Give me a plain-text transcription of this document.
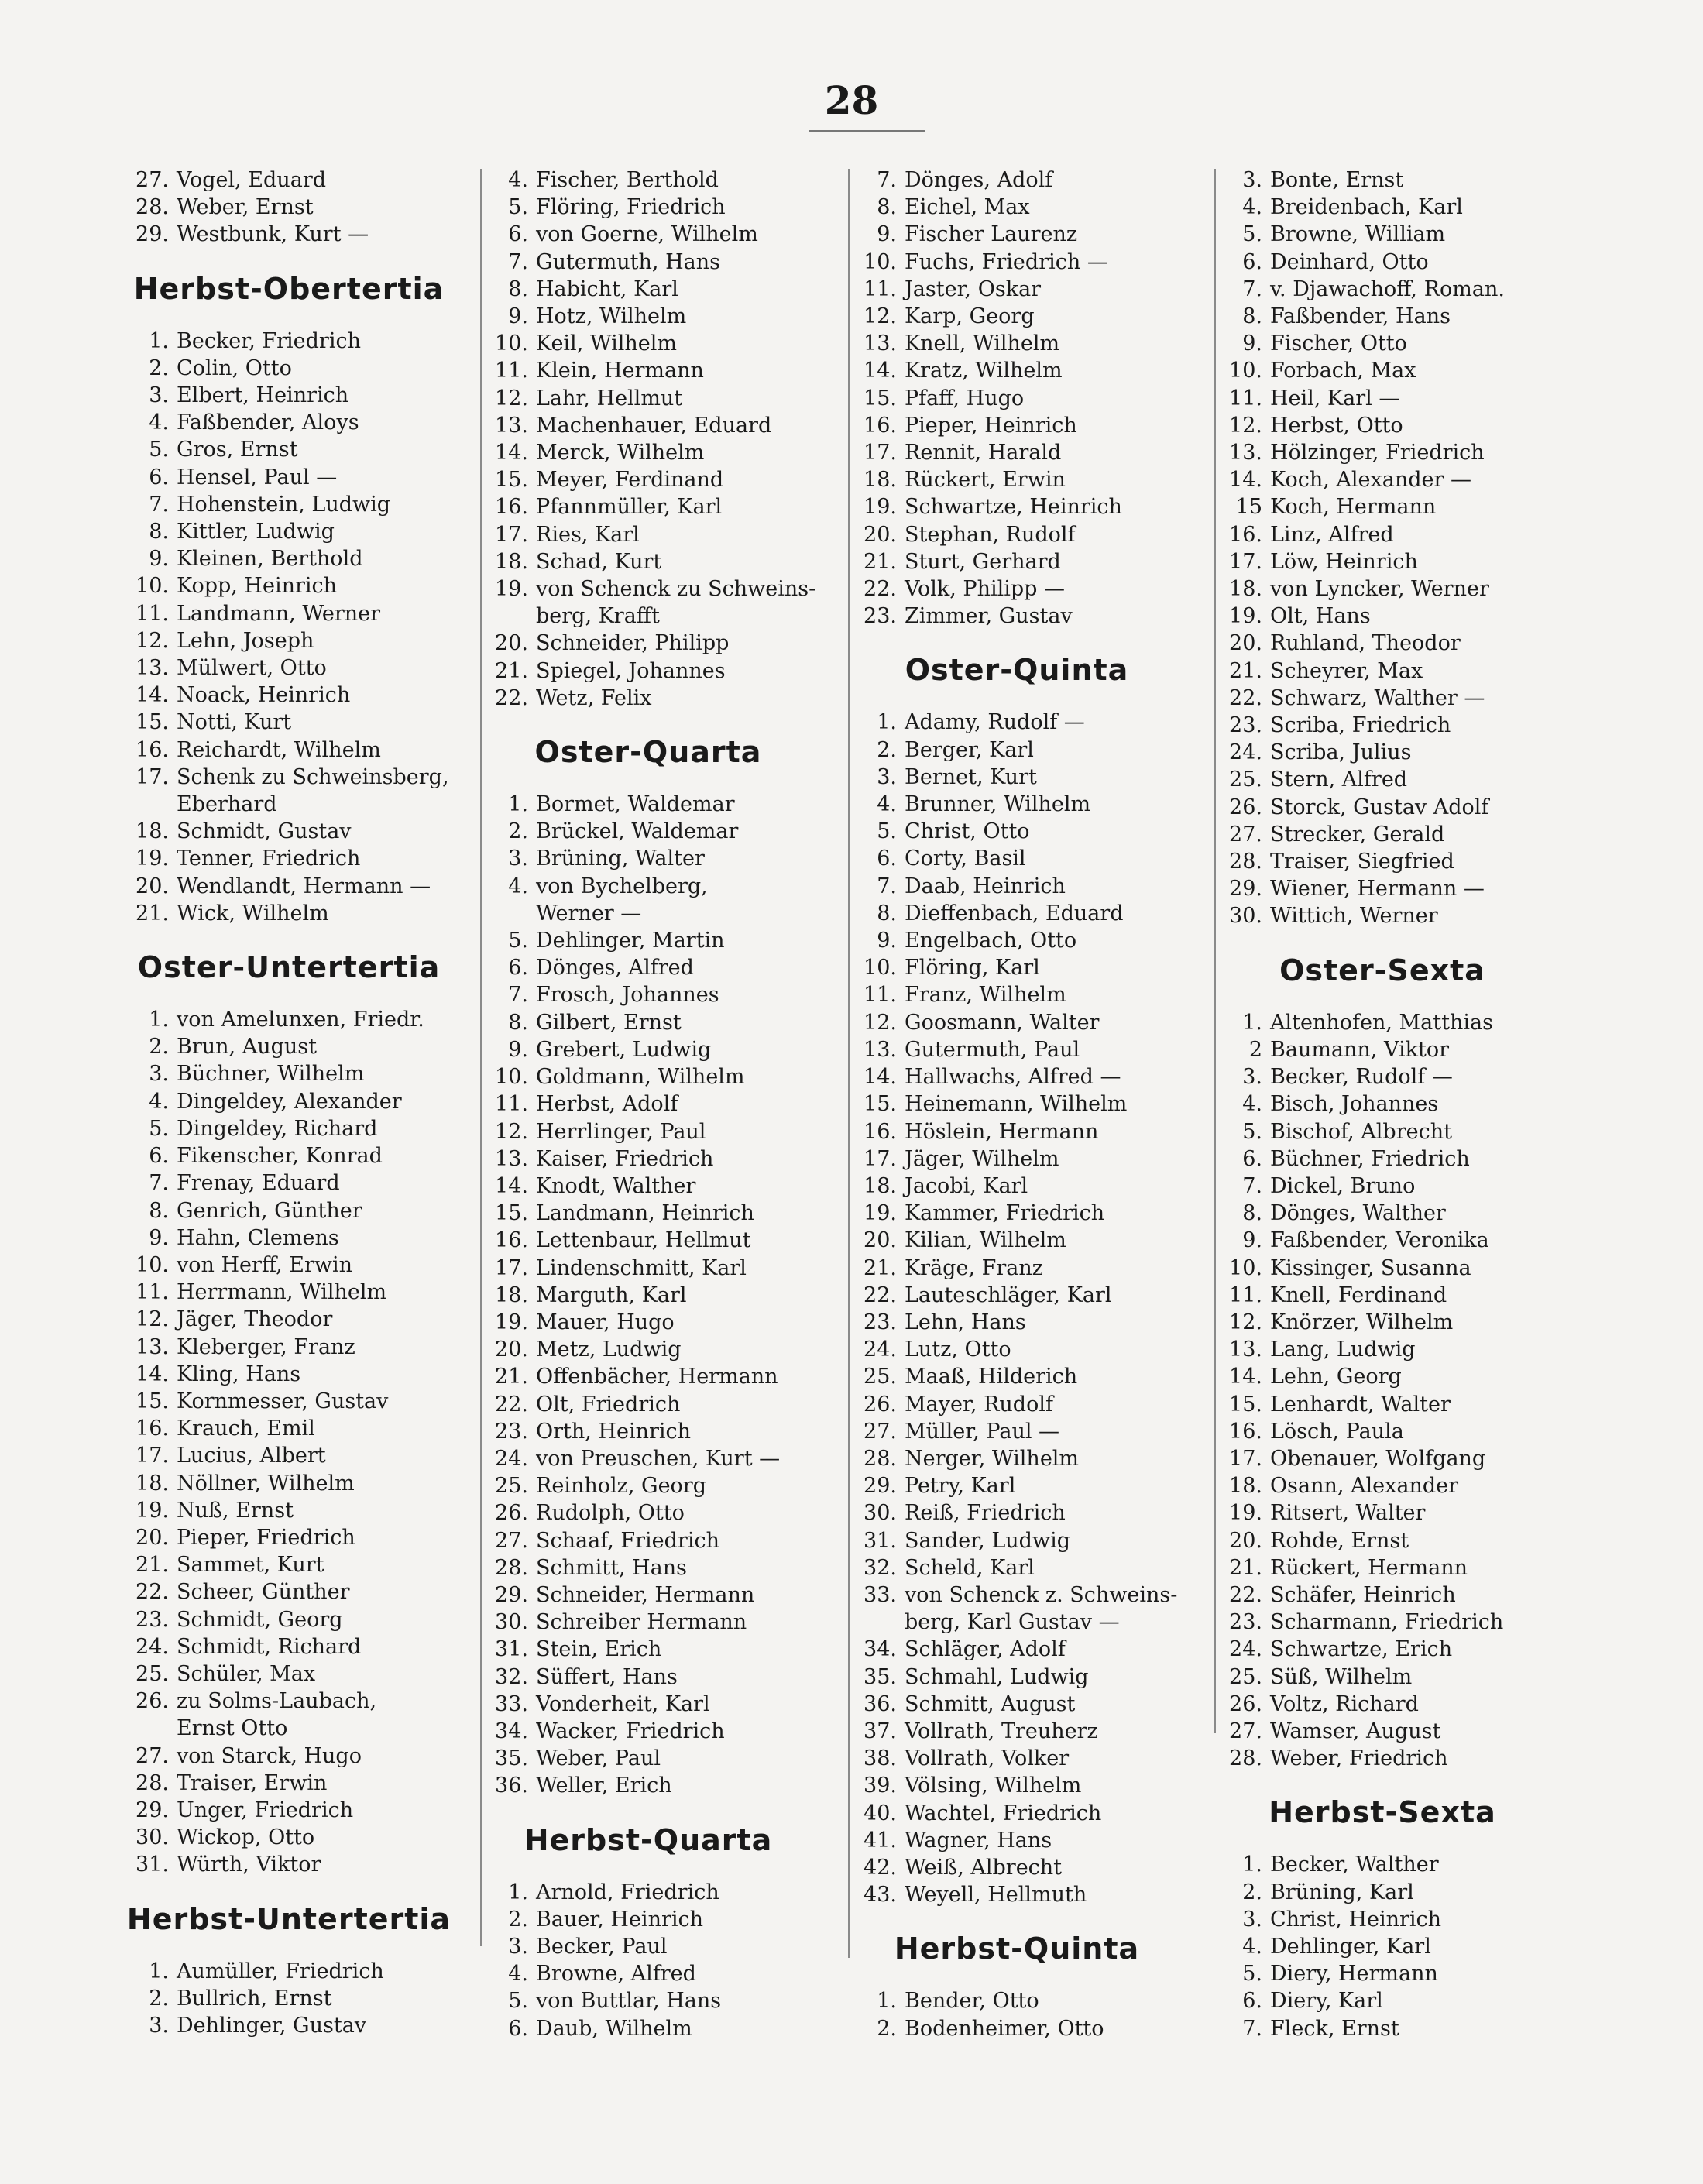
28
27. Vogel, Eduard
28. Weber, Ernst
29. Westbunk, Kurt —
Herbst-Obertertia
1. Becker, Friedrich
2. Colin, Otto
3. Elbert, Heinrich
4. Faßbender, Aloys
5. Gros, Ernst
6. Hensel, Paul —
7. Hohenstein, Ludwig
8. Kittler, Ludwig
9. Kleinen, Berthold
10. Kopp, Heinrich
11. Landmann, Werner
12. Lehn, Joseph
13. Mülwert, Otto
14. Noack, Heinrich
15. Notti, Kurt
16. Reichardt, Wilhelm
17. Schenk zu Schweinsberg,
Eberhard
18. Schmidt, Gustav
19. Tenner, Friedrich
20. Wendlandt, Hermann —
21. Wick, Wilhelm
Oster-Untertertia
1. von Amelunxen, Friedr.
2. Brun, August
3. Büchner, Wilhelm
4. Dingeldey, Alexander
5. Dingeldey, Richard
6. Fikenscher, Konrad
7. Frenay, Eduard
8. Genrich, Günther
9. Hahn, Clemens
10. von Herff, Erwin
11. Herrmann, Wilhelm
12. Jäger, Theodor
13. Kleberger, Franz
14. Kling, Hans
15. Kornmesser, Gustav
16. Krauch, Emil
17. Lucius, Albert
18. Nöllner, Wilhelm
19. Nuß, Ernst
20. Pieper, Friedrich
21. Sammet, Kurt
22. Scheer, Günther
23. Schmidt, Georg
24. Schmidt, Richard
25. Schüler, Max
26. zu Solms-Laubach,
Ernst Otto
27. von Starck, Hugo
28. Traiser, Erwin
29. Unger, Friedrich
30. Wickop, Otto
31. Würth, Viktor
Herbst-Untertertia
1. Aumüller, Friedrich
2. Bullrich, Ernst
3. Dehlinger, Gustav
4. Fischer, Berthold
5. Flöring, Friedrich
6. von Goerne, Wilhelm
7. Gutermuth, Hans
8. Habicht, Karl
9. Hotz, Wilhelm
10. Keil, Wilhelm
11. Klein, Hermann
12. Lahr, Hellmut
13. Machenhauer, Eduard
14. Merck, Wilhelm
15. Meyer, Ferdinand
16. Pfannmüller, Karl
17. Ries, Karl
18. Schad, Kurt
19. von Schenck zu Schweins-
berg, Krafft
20. Schneider, Philipp
21. Spiegel, Johannes
22. Wetz, Felix
Oster-Quarta
1. Bormet, Waldemar
2. Brückel, Waldemar
3. Brüning, Walter
4. von Bychelberg,
Werner —
5. Dehlinger, Martin
6. Dönges, Alfred
7. Frosch, Johannes
8. Gilbert, Ernst
9. Grebert, Ludwig
10. Goldmann, Wilhelm
11. Herbst, Adolf
12. Herrlinger, Paul
13. Kaiser, Friedrich
14. Knodt, Walther
15. Landmann, Heinrich
16. Lettenbaur, Hellmut
17. Lindenschmitt, Karl
18. Marguth, Karl
19. Mauer, Hugo
20. Metz, Ludwig
21. Offenbächer, Hermann
22. Olt, Friedrich
23. Orth, Heinrich
24. von Preuschen, Kurt —
25. Reinholz, Georg
26. Rudolph, Otto
27. Schaaf, Friedrich
28. Schmitt, Hans
29. Schneider, Hermann
30. Schreiber Hermann
31. Stein, Erich
32. Süffert, Hans
33. Vonderheit, Karl
34. Wacker, Friedrich
35. Weber, Paul
36. Weller, Erich
Herbst-Quarta
1. Arnold, Friedrich
2. Bauer, Heinrich
3. Becker, Paul
4. Browne, Alfred
5. von Buttlar, Hans
6. Daub, Wilhelm
7. Dönges, Adolf
8. Eichel, Max
9. Fischer Laurenz
10. Fuchs, Friedrich —
11. Jaster, Oskar
12. Karp, Georg
13. Knell, Wilhelm
14. Kratz, Wilhelm
15. Pfaff, Hugo
16. Pieper, Heinrich
17. Rennit, Harald
18. Rückert, Erwin
19. Schwartze, Heinrich
20. Stephan, Rudolf
21. Sturt, Gerhard
22. Volk, Philipp —
23. Zimmer, Gustav
Oster-Quinta
1. Adamy, Rudolf —
2. Berger, Karl
3. Bernet, Kurt
4. Brunner, Wilhelm
5. Christ, Otto
6. Corty, Basil
7. Daab, Heinrich
8. Dieffenbach, Eduard
9. Engelbach, Otto
10. Flöring, Karl
11. Franz, Wilhelm
12. Goosmann, Walter
13. Gutermuth, Paul
14. Hallwachs, Alfred —
15. Heinemann, Wilhelm
16. Höslein, Hermann
17. Jäger, Wilhelm
18. Jacobi, Karl
19. Kammer, Friedrich
20. Kilian, Wilhelm
21. Kräge, Franz
22. Lauteschläger, Karl
23. Lehn, Hans
24. Lutz, Otto
25. Maaß, Hilderich
26. Mayer, Rudolf
27. Müller, Paul —
28. Nerger, Wilhelm
29. Petry, Karl
30. Reiß, Friedrich
31. Sander, Ludwig
32. Scheld, Karl
33. von Schenck z. Schweins-
berg, Karl Gustav —
34. Schläger, Adolf
35. Schmahl, Ludwig
36. Schmitt, August
37. Vollrath, Treuherz
38. Vollrath, Volker
39. Völsing, Wilhelm
40. Wachtel, Friedrich
41. Wagner, Hans
42. Weiß, Albrecht
43. Weyell, Hellmuth
Herbst-Quinta
1. Bender, Otto
2. Bodenheimer, Otto
3. Bonte, Ernst
4. Breidenbach, Karl
5. Browne, William
6. Deinhard, Otto
7. v. Djawachoff, Roman.
8. Faßbender, Hans
9. Fischer, Otto
10. Forbach, Max
11. Heil, Karl —
12. Herbst, Otto
13. Hölzinger, Friedrich
14. Koch, Alexander —
15 Koch, Hermann
16. Linz, Alfred
17. Löw, Heinrich
18. von Lyncker, Werner
19. Olt, Hans
20. Ruhland, Theodor
21. Scheyrer, Max
22. Schwarz, Walther —
23. Scriba, Friedrich
24. Scriba, Julius
25. Stern, Alfred
26. Storck, Gustav Adolf
27. Strecker, Gerald
28. Traiser, Siegfried
29. Wiener, Hermann —
30. Wittich, Werner
Oster-Sexta
1. Altenhofen, Matthias
2 Baumann, Viktor
3. Becker, Rudolf —
4. Bisch, Johannes
5. Bischof, Albrecht
6. Büchner, Friedrich
7. Dickel, Bruno
8. Dönges, Walther
9. Faßbender, Veronika
10. Kissinger, Susanna
11. Knell, Ferdinand
12. Knörzer, Wilhelm
13. Lang, Ludwig
14. Lehn, Georg
15. Lenhardt, Walter
16. Lösch, Paula
17. Obenauer, Wolfgang
18. Osann, Alexander
19. Ritsert, Walter
20. Rohde, Ernst
21. Rückert, Hermann
22. Schäfer, Heinrich
23. Scharmann, Friedrich
24. Schwartze, Erich
25. Süß, Wilhelm
26. Voltz, Richard
27. Wamser, August
28. Weber, Friedrich
Herbst-Sexta
1. Becker, Walther
2. Brüning, Karl
3. Christ, Heinrich
4. Dehlinger, Karl
5. Diery, Hermann
6. Diery, Karl
7. Fleck, Ernst
